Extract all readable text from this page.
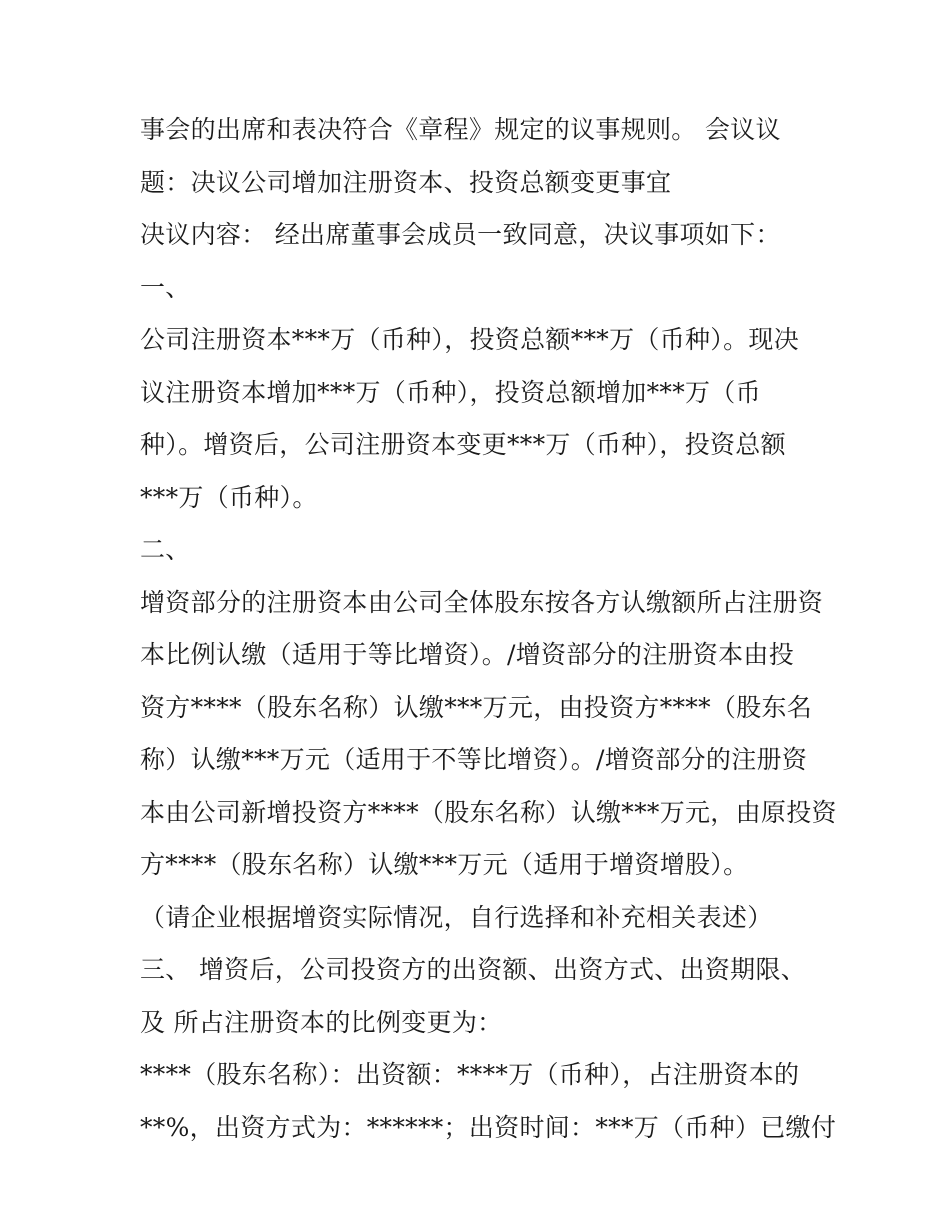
事会的出席和表决符合《章程》规定的议事规则。 会议议
题：决议公司增加注册资本、投资总额变更事宜
决议内容： 经出席董事会成员一致同意，决议事项如下：
一、
公司注册资本***万（币种），投资总额***万（币种）。现决
议注册资本增加***万（币种），投资总额增加***万（币
种）。增资后，公司注册资本变更***万（币种），投资总额
***万（币种）。
二、
增资部分的注册资本由公司全体股东按各方认缴额所占注册资
本比例认缴（适用于等比增资）。/增资部分的注册资本由投
资方****（股东名称）认缴***万元，由投资方****（股东名
称）认缴***万元（适用于不等比增资）。/增资部分的注册资
本由公司新增投资方****（股东名称）认缴***万元，由原投资
方****（股东名称）认缴***万元（适用于增资增股）。
（请企业根据增资实际情况，自行选择和补充相关表述）
三、 增资后，公司投资方的出资额、出资方式、出资期限、
及 所占注册资本的比例变更为：
****（股东名称）：出资额：****万（币种），占注册资本的
**%，出资方式为：******；出资时间：***万（币种）已缴付
